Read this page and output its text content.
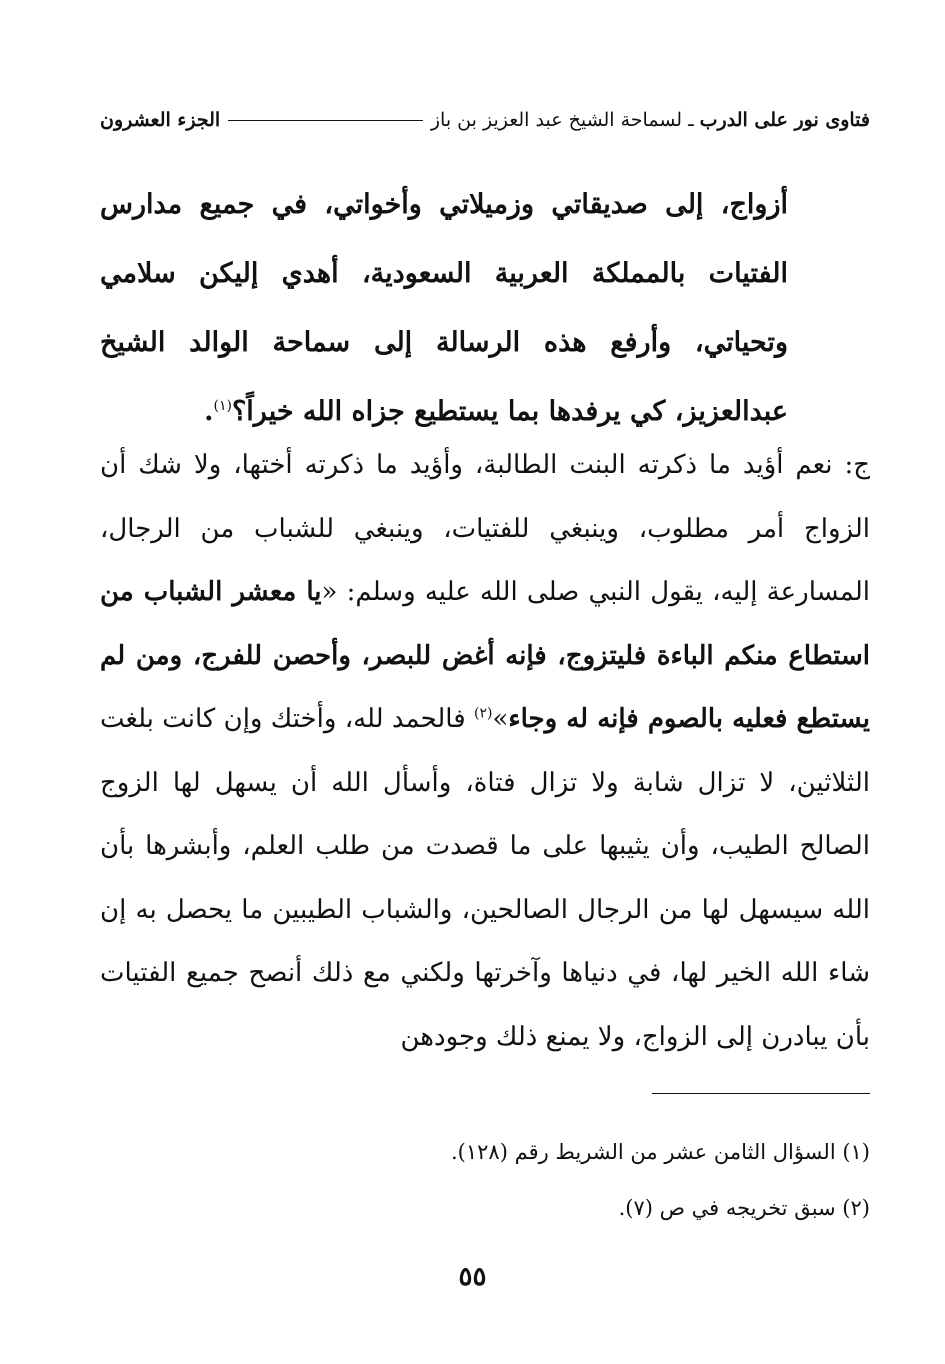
فتاوى نور على الدرب
ـ
لسماحة الشيخ عبد العزيز بن باز
الجزء العشرون
أزواج، إلى صديقاتي وزميلاتي وأخواتي، في جميع مدارس الفتيات بالمملكة العربية السعودية، أهدي إليكن سلامي وتحياتي، وأرفع هذه الرسالة إلى سماحة الوالد الشيخ عبدالعزيز، كي يرفدها بما يستطيع جزاه الله خيراً؟$^{(١)}$.
ج: نعم أؤيد ما ذكرته البنت الطالبة، وأؤيد ما ذكرته أختها، ولا شك أن الزواج أمر مطلوب، وينبغي للفتيات، وينبغي للشباب من الرجال، المسارعة إليه، يقول النبي صلى الله عليه وسلم: «يا معشر الشباب من استطاع منكم الباءة فليتزوج، فإنه أغض للبصر، وأحصن للفرج، ومن لم يستطع فعليه بالصوم فإنه له وجاء»$^{(٢)}$ فالحمد لله، وأختك وإن كانت بلغت الثلاثين، لا تزال شابة ولا تزال فتاة، وأسأل الله أن يسهل لها الزوج الصالح الطيب، وأن يثيبها على ما قصدت من طلب العلم، وأبشرها بأن الله سيسهل لها من الرجال الصالحين، والشباب الطيبين ما يحصل به إن شاء الله الخير لها، في دنياها وآخرتها ولكني مع ذلك أنصح جميع الفتيات بأن يبادرن إلى الزواج، ولا يمنع ذلك وجودهن
(١) السؤال الثامن عشر من الشريط رقم (١٢٨).
(٢) سبق تخريجه في ص (٧).
٥٥
